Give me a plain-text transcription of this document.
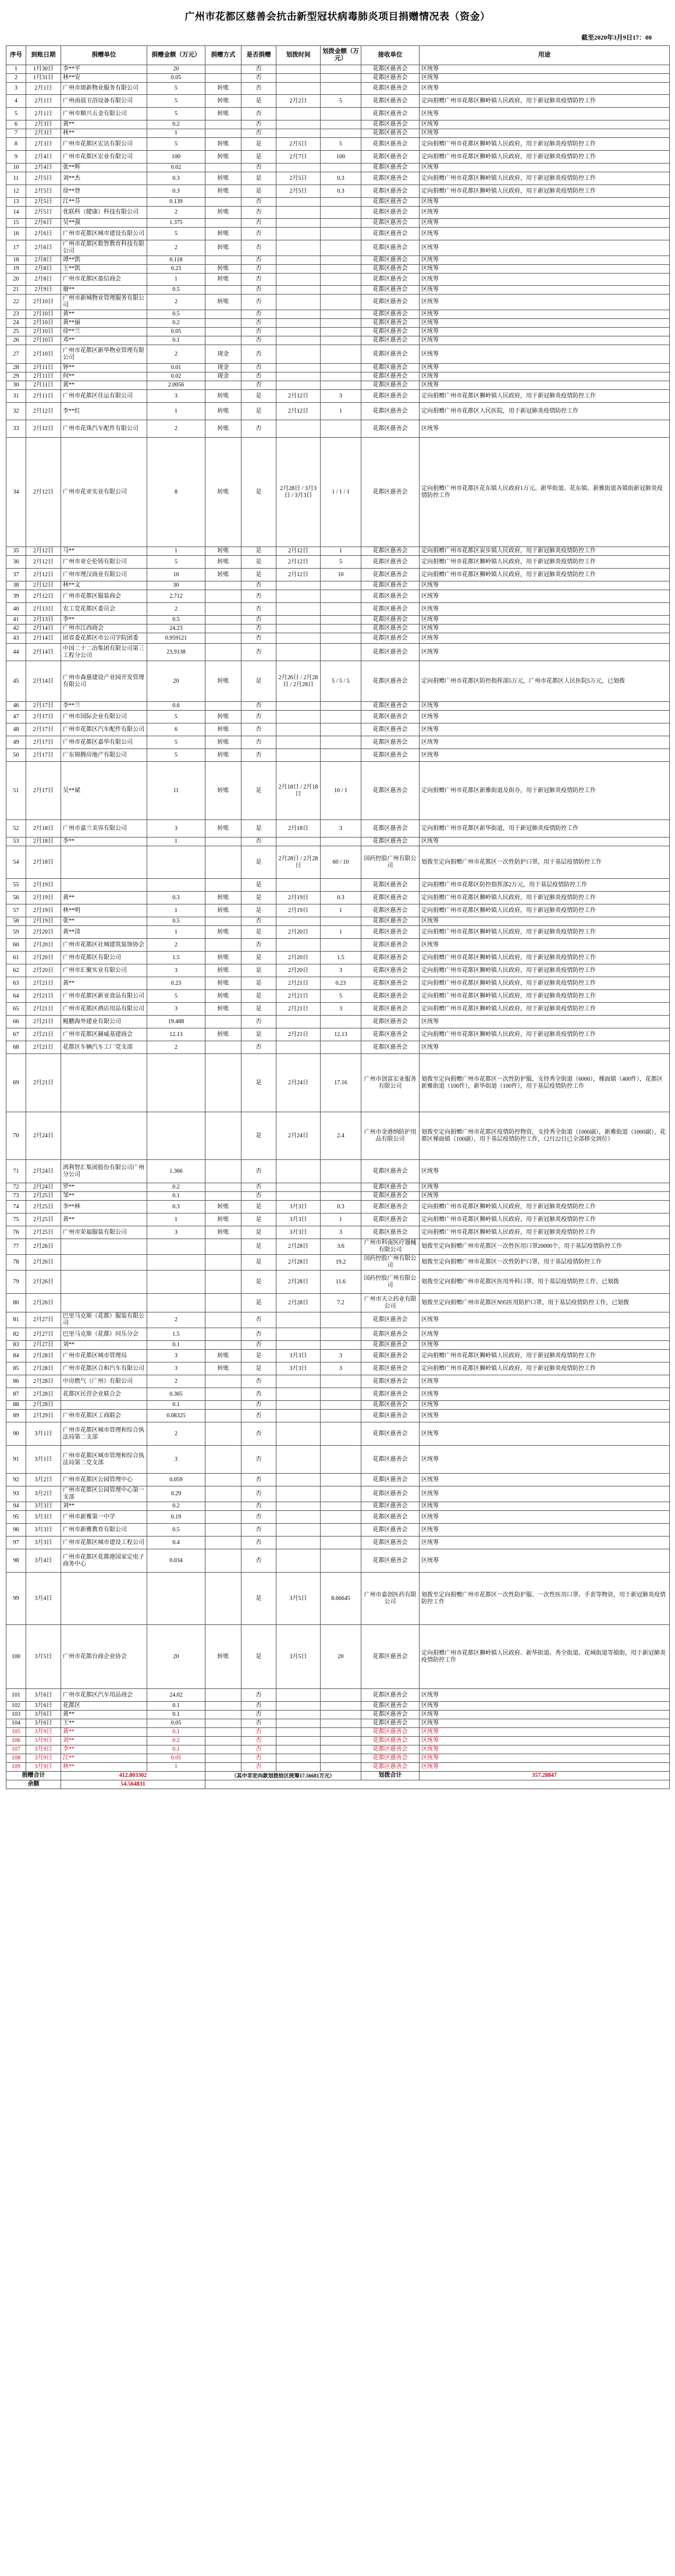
广州市花都区慈善会抗击新型冠状病毒肺炎项目捐赠情况表（资金）
截至2020年3月9日17：00
序号	到账日期	捐赠单位	捐赠金额（万元）	捐赠方式	是否捐赠	划拨时间	划拨金额（万元）	接收单位	用途
1	1月30日	李**平	20		否			花都区慈善会	区统筹
2	1月31日	林**安	0.05		否			花都区慈善会	区统筹
3	2月1日	广州市颂新物业服务有限公司	5	转账	否			花都区慈善会	区统筹
4	2月1日	广州南晨卫浴设备有限公司	5	转账	是	2月2日	5	花都区慈善会	定向捐赠广州市花都区狮岭镇人民政府，用于新冠肺炎疫情防控工作
5	2月1日	广州市顺兴五金有限公司	5	转账	否			花都区慈善会	区统筹
6	2月3日	黄**	0.2		否			花都区慈善会	区统筹
7	2月3日	林**	1		否			花都区慈善会	区统筹
8	2月3日	广州市花都区宏达有限公司	5	转账	是	2月5日	5	花都区慈善会	定向捐赠广州市花都区狮岭镇人民政府，用于新冠肺炎疫情防控工作
9	2月4日	广州市花都区宏业有限公司	100	转账	是	2月7日	100	花都区慈善会	定向捐赠广州市花都区狮岭镇人民政府，用于新冠肺炎疫情防控工作
10	2月4日	张**辉	0.02		否			花都区慈善会	区统筹
11	2月5日	刘**杰	0.3	转账	是	2月5日	0.3	花都区慈善会	定向捐赠广州市花都区狮岭镇人民政府，用于新冠肺炎疫情防控工作
12	2月5日	徐**登	0.3	转账	是	2月5日	0.3	花都区慈善会	定向捐赠广州市花都区狮岭镇人民政府，用于新冠肺炎疫情防控工作
13	2月5日	江**芬	0.139		否			花都区慈善会	区统筹
14	2月5日	优联科（健康）科技有限公司	2	转账	否			花都区慈善会	区统筹
15	2月6日	吴**强	1.375		否			花都区慈善会	区统筹
16	2月6日	广州市花都区城市建设有限公司	5	转账	否			花都区慈善会	区统筹
17	2月6日	广州市花都区数智教育科技有限公司	2	转账	否			花都区慈善会	区统筹
18	2月8日	谭**凯	0.118		否			花都区慈善会	区统筹
19	2月8日	王**凯	0.23	转账	否			花都区慈善会	区统筹
20	2月8日	广州市花都区盈信商会	1	转账	否			花都区慈善会	区统筹
21	2月9日	谢**	0.5		否			花都区慈善会	区统筹
22	2月10日	广州市新城物业管理服务有限公司	2	转账	否			花都区慈善会	区统筹
23	2月10日	黄**	0.5		否			花都区慈善会	区统筹
24	2月10日	黄**丽	0.2		否			花都区慈善会	区统筹
25	2月10日	徐**兰	0.05		否			花都区慈善会	区统筹
26	2月10日	邓**	0.1		否			花都区慈善会	区统筹
27	2月10日	广州市花都区新华物业管理有限公司	2	现金	否			花都区慈善会	区统筹
28	2月11日	钟**	0.01	现金	否			花都区慈善会	区统筹
29	2月11日	何**	0.02	现金	否			花都区慈善会	区统筹
30	2月11日	黄**	2.0056		否			花都区慈善会	区统筹
31	2月11日	广州市花都区佳运有限公司	3	转账	是	2月12日	3	花都区慈善会	定向捐赠广州市花都区狮岭镇人民政府，用于新冠肺炎疫情防控工作
32	2月12日	李**红	1	转账	是	2月12日	1	花都区慈善会	定向捐赠广州市花都区人民医院，用于新冠肺炎疫情防控工作
33	2月12日	广州市花珠汽车配件有限公司	2	转账	否			花都区慈善会	区统筹
34	2月12日	广州市花亚实业有限公司	8	转账	是	2月28日 / 3月3日 / 3月3日	1 / 1 / 1	花都区慈善会	定向捐赠广州市花都区花东镇人民政府1万元、新华街道、花东镇、新雅街道各镇街新冠肺炎疫情防控工作
35	2月12日	马**	1	转账	是	2月12日	1	花都区慈善会	定向捐赠广州市花都区炭步镇人民政府，用于新冠肺炎疫情防控工作
36	2月12日	广州市亚仑伦铸有限公司	5	转账	是	2月12日	5	花都区慈善会	定向捐赠广州市花都区狮岭镇人民政府，用于新冠肺炎疫情防控工作
37	2月12日	广州市理汉商业有限公司	10	转账	是	2月12日	10	花都区慈善会	定向捐赠广州市花都区狮岭镇人民政府，用于新冠肺炎疫情防控工作
38	2月12日	林**文	30		否			花都区慈善会	区统筹
39	2月12日	广州市花都区服装商会	2.712		否			花都区慈善会	区统筹
40	2月13日	农工党花都区委员会	2		否			花都区慈善会	区统筹
41	2月13日	李**	0.5		否			花都区慈善会	区统筹
42	2月14日	广州市江西商会	24.23		否			花都区慈善会	区统筹
43	2月14日	团省委花都区市公司学院团委	0.959121		否			花都区慈善会	区统筹
44	2月14日	中国二十二冶集团有限公司第三工程分公司	23.9138		否			花都区慈善会	区统筹
45	2月14日	广州市森慈建设产业园开发管理有限公司	20	转账	是	2月26日 / 2月28日 / 2月28日	5 / 5 / 5	花都区慈善会	定向捐赠广州市花都区防控指挥部5万元，广州市花都区人民医院5万元，已划拨
46	2月17日	李**兰	0.6		否			花都区慈善会	区统筹
47	2月17日	广州市国际企业有限公司	5	转账	否			花都区慈善会	区统筹
48	2月17日	广州市花都区汽车配件有限公司	6	转账	否			花都区慈善会	区统筹
49	2月17日	广州市花都区嘉华有限公司	5	转账	否			花都区慈善会	区统筹
50	2月17日	广东锦腾房地产有限公司	5	转账	否			花都区慈善会	区统筹
51	2月17日	吴**斌	11	转账	是	2月18日 / 2月18日	10 / 1	花都区慈善会	定向捐赠广州市花都区新雅街道及街办，用于新冠肺炎疫情防控工作
52	2月18日	广州市嘉兰美容有限公司	3	转账	是	2月18日	3	花都区慈善会	定向捐赠广州市花都区新华街道，用于新冠肺炎疫情防控工作
53	2月18日	李**	1		否			花都区慈善会	区统筹
54	2月18日				是	2月28日 / 2月28日	60 / 10	国药控股广州有限公司	划拨至定向捐赠广州市花都区一次性防护口罩，用于基层疫情防控工作
55	2月19日				是			花都区慈善会	定向捐赠广州市花都区防控指挥部2万元，用于基层疫情防控工作
56	2月19日	黄**	0.3	转账	是	2月19日	0.3	花都区慈善会	定向捐赠广州市花都区狮岭镇人民政府，用于新冠肺炎疫情防控工作
57	2月19日	林**明	1	转账	是	2月19日	1	花都区慈善会	定向捐赠广州市花都区狮岭镇人民政府，用于新冠肺炎疫情防控工作
58	2月19日	张**	0.5		否			花都区慈善会	区统筹
59	2月20日	黄**清	1	转账	是	2月20日	1	花都区慈善会	定向捐赠广州市花都区狮岭镇人民政府，用于新冠肺炎疫情防控工作
60	2月20日	广州市花都区社城建筑装饰协会	2		否			花都区慈善会	区统筹
61	2月20日	广州市花都区有限公司	1.5	转账	是	2月20日	1.5	花都区慈善会	定向捐赠广州市花都区狮岭镇人民政府，用于新冠肺炎疫情防控工作
62	2月20日	广州市汇聚实业有限公司	3	转账	是	2月20日	3	花都区慈善会	定向捐赠广州市花都区狮岭镇人民政府，用于新冠肺炎疫情防控工作
63	2月21日	黄**	0.23	转账	是	2月21日	0.23	花都区慈善会	定向捐赠广州市花都区狮岭镇人民政府，用于新冠肺炎疫情防控工作
64	2月21日	广州市花都区新亚食品有限公司	5	转账	是	2月21日	5	花都区慈善会	定向捐赠广州市花都区狮岭镇人民政府，用于新冠肺炎疫情防控工作
65	2月21日	广州市花都区酒店用品有限公司	3	转账	是	2月21日	3	花都区慈善会	定向捐赠广州市花都区狮岭镇人民政府，用于新冠肺炎疫情防控工作
66	2月21日	鲲鹏海外建业有限公司	19.488		否			花都区慈善会	区统筹
67	2月21日	广州市花都区赫威基建商会	12.13	转账	是	2月21日	12.13	花都区慈善会	定向捐赠广州市花都区狮岭镇人民政府，用于新冠肺炎疫情防控工作
68	2月21日	花都区车辆汽车工厂党支部	2		否			花都区慈善会	区统筹
69	2月21日				是	2月24日	17.16	广州市创富宏业服务有限公司	划拨至定向捐赠广州市花都区一次性防护服，支持秀全街道（6000），梯面镇（400件），花都区新雅街道（100件），新华街道（100件），用于基层疫情防控工作
70	2月24日				是	2月24日	2.4	广州市金港纳防护用品有限公司	划拨至定向捐赠广州市花都区疫情防控物资，支持秀全街道（1000副），新雅街道（1000副），花都区梯面镇（100副），用于基层疫情防控工作，（2月22日已全部移交到位）
71	2月24日	鸿利智汇集团股份有限公司广州分公司	1.366		否			花都区慈善会	区统筹
72	2月24日	罗**	0.2		否			花都区慈善会	区统筹
73	2月25日	邹**	0.1		否			花都区慈善会	区统筹
74	2月25日	李**林	0.3	转账	是	3月3日	0.3	花都区慈善会	定向捐赠广州市花都区狮岭镇人民政府，用于新冠肺炎疫情防控工作
75	2月25日	黄**	1	转账	是	3月3日	1	花都区慈善会	定向捐赠广州市花都区狮岭镇人民政府，用于新冠肺炎疫情防控工作
76	2月25日	广州市荣福服装有限公司	3	转账	是	3月3日	3	花都区慈善会	定向捐赠广州市花都区狮岭镇人民政府，用于新冠肺炎疫情防控工作
77	2月26日				是	2月28日	3.6	广州市科南医疗器械有限公司	划拨至定向捐赠广州市花都区一次性医用口罩20000个，用于基层疫情防控工作
78	2月26日				是	2月28日	19.2	国药控股广州有限公司	划拨至定向捐赠广州市花都区一次性防护口罩，用于基层疫情防控工作
79	2月26日				是	2月28日	11.6	国药控股广州有限公司	划拨至定向捐赠广州市花都区医用外科口罩，用于基层疫情防控工作，已划拨
80	2月26日				是	2月28日	7.2	广州市天立药业有限公司	划拨至定向捐赠广州市花都区N95医用防护口罩，用于基层疫情防控工作，已划拨
81	2月27日	巴里马克斯（花都）服装有限公司	2		否			花都区慈善会	区统筹
82	2月27日	巴里马克斯（花都）同乐分会	1.5		否			花都区慈善会	区统筹
83	2月27日	刘**	0.1		否			花都区慈善会	区统筹
84	2月28日	广州市花都区城市管理局	3	转账	是	3月3日	3	花都区慈善会	定向捐赠广州市花都区狮岭镇人民政府，用于新冠肺炎疫情防控工作
85	2月28日	广州市花都区合和汽车有限公司	3	转账	是	3月3日	3	花都区慈善会	定向捐赠广州市花都区狮岭镇人民政府，用于新冠肺炎疫情防控工作
86	2月28日	中房燃气（广州）有限公司	2		否			花都区慈善会	区统筹
87	2月28日	花都区民营企业联合会	0.365		否			花都区慈善会	区统筹
88	2月28日		0.1		否			花都区慈善会	区统筹
89	2月29日	广州市花都区工商联会	0.08325		否			花都区慈善会	区统筹
90	3月1日	广州市花都区城市管理和综合执法局第二支部	2		否			花都区慈善会	区统筹
91	3月1日	广州市花都区城市管理和综合执法局第二党支部	3		否			花都区慈善会	区统筹
92	3月2日	广州市花都区公园管理中心	0.059		否			花都区慈善会	区统筹
93	3月2日	广州市花都区公园管理中心第一支部	0.29		否			花都区慈善会	区统筹
94	3月3日	刘**	0.2		否			花都区慈善会	区统筹
95	3月3日	广州市新雅第一中学	0.19		否			花都区慈善会	区统筹
96	3月3日	广州市新雅教育有限公司	0.5		否			花都区慈善会	区统筹
97	3月3日	广州市花都区城市建设工程公司	0.4		否			花都区慈善会	区统筹
98	3月4日	广州市花都区花都港国家定电子商务中心	0.034		否			花都区慈善会	区统筹
99	3月4日				是	3月5日	8.66645	广州市嘉创医药有限公司	划拨至定向捐赠广州市花都区一次性防护服、一次性医用口罩、手套等物资，用于新冠肺炎疫情防控工作
100	3月5日	广州市花都台商企业协会	20	转账	是	3月5日	20	花都区慈善会	定向捐赠广州市花都区狮岭镇人民政府、新华街道、秀全街道、花城街道等镇街，用于新冠肺炎疫情防控工作
101	3月6日	广州市花都区汽车用品商会	24.02		否			花都区慈善会	区统筹
102	3月6日	花都区	0.1		否			花都区慈善会	区统筹
103	3月6日	黄**	0.1		否			花都区慈善会	区统筹
104	3月6日	王**	0.05		否			花都区慈善会	区统筹
105	3月9日	黄**	0.1		否			花都区慈善会	区统筹
106	3月9日	刘**	0.2		否			花都区慈善会	区统筹
107	3月9日	李**	0.1		否			花都区慈善会	区统筹
108	3月9日	江**	0.05		否			花都区慈善会	区统筹
109	3月9日	林**	1		否			花都区慈善会	区统筹
捐赠合计		412.803302		（其中非定向款划拨给区统筹17.56681万元）				划拨合计	357.28847
余额		54.564831							
